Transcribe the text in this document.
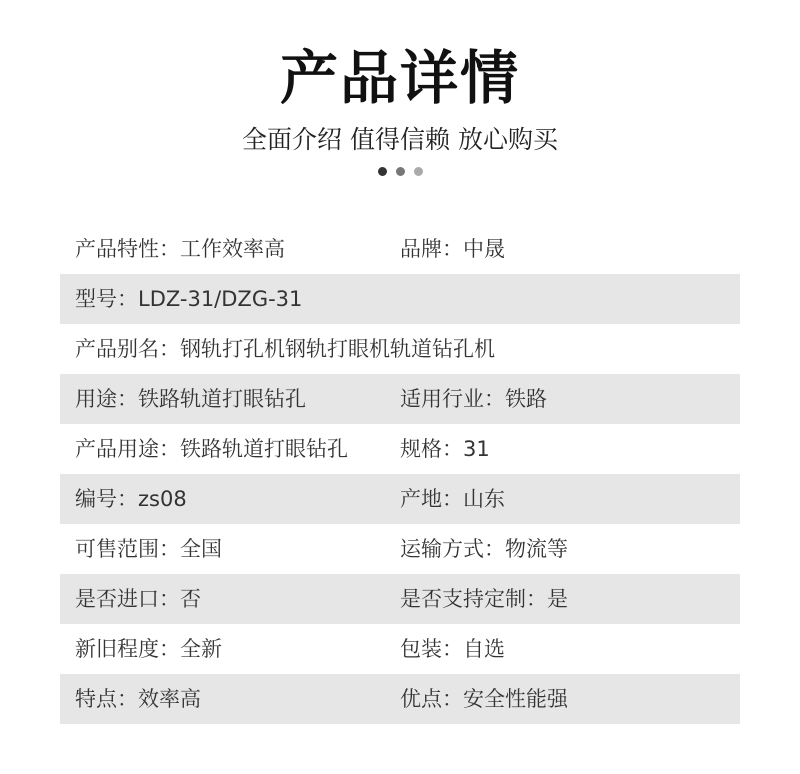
产品详情
全面介绍 值得信赖 放心购买
产品特性：工作效率高	品牌：中晟
型号：LDZ-31/DZG-31
产品别名：钢轨打孔机钢轨打眼机轨道钻孔机
用途：铁路轨道打眼钻孔	适用行业：铁路
产品用途：铁路轨道打眼钻孔	规格：31
编号：zs08	产地：山东
可售范围：全国	运输方式：物流等
是否进口：否	是否支持定制：是
新旧程度：全新	包装：自选
特点：效率高	优点：安全性能强
